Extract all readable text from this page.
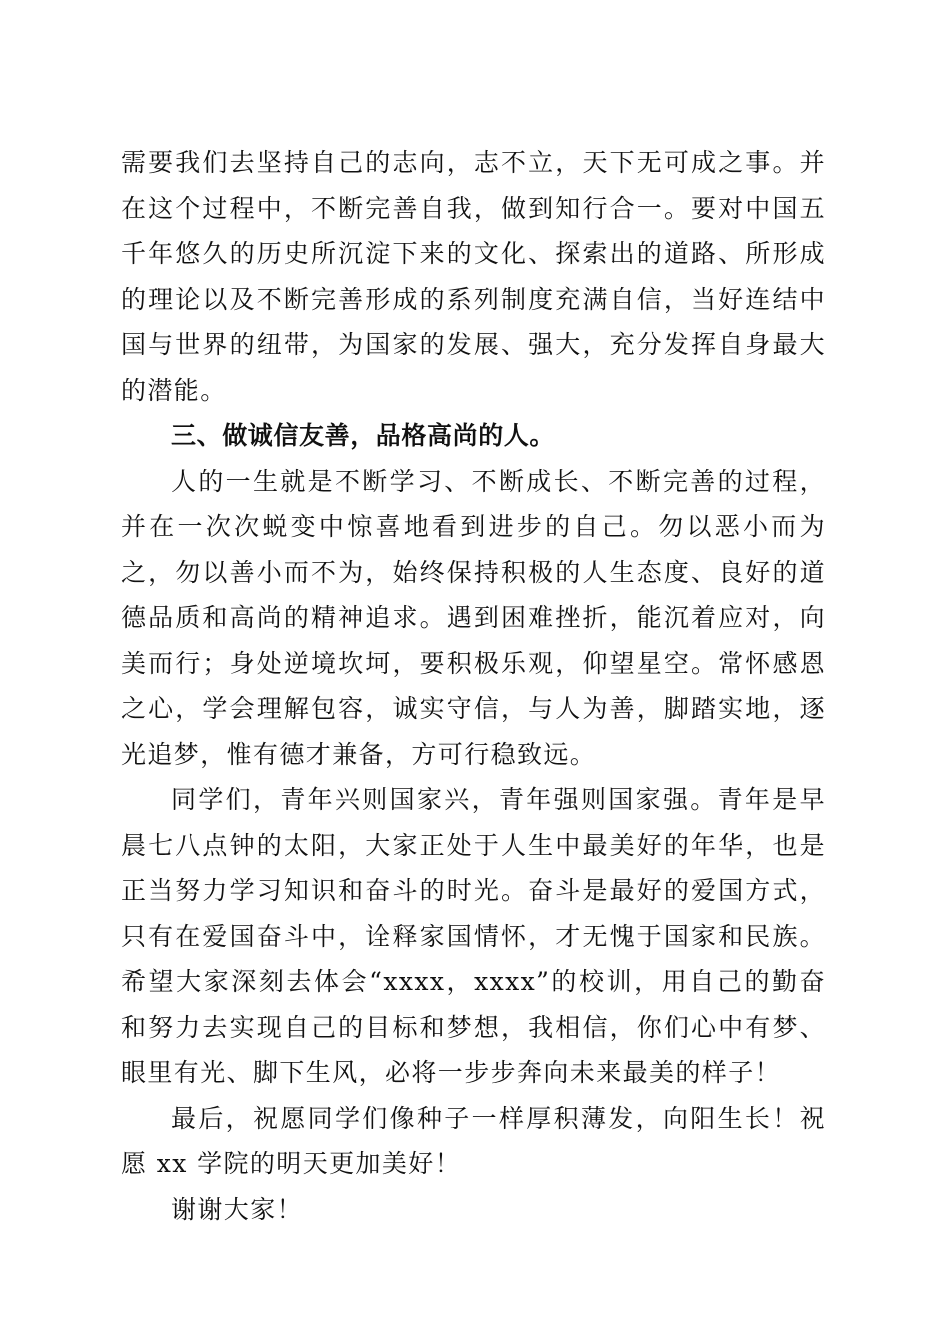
需要我们去坚持自己的志向，志不立，天下无可成之事。并在这个过程中，不断完善自我，做到知行合一。要对中国五千年悠久的历史所沉淀下来的文化、探索出的道路、所形成的理论以及不断完善形成的系列制度充满自信，当好连结中国与世界的纽带，为国家的发展、强大，充分发挥自身最大的潜能。

三、做诚信友善，品格高尚的人。

人的一生就是不断学习、不断成长、不断完善的过程，并在一次次蜕变中惊喜地看到进步的自己。勿以恶小而为之，勿以善小而不为，始终保持积极的人生态度、良好的道德品质和高尚的精神追求。遇到困难挫折，能沉着应对，向美而行；身处逆境坎坷，要积极乐观，仰望星空。常怀感恩之心，学会理解包容，诚实守信，与人为善，脚踏实地，逐光追梦，惟有德才兼备，方可行稳致远。

同学们，青年兴则国家兴，青年强则国家强。青年是早晨七八点钟的太阳，大家正处于人生中最美好的年华，也是正当努力学习知识和奋斗的时光。奋斗是最好的爱国方式，只有在爱国奋斗中，诠释家国情怀，才无愧于国家和民族。希望大家深刻去体会“xxxx，xxxx”的校训，用自己的勤奋和努力去实现自己的目标和梦想，我相信，你们心中有梦、眼里有光、脚下生风，必将一步步奔向未来最美的样子！

最后，祝愿同学们像种子一样厚积薄发，向阳生长！祝愿 xx 学院的明天更加美好！

谢谢大家！
